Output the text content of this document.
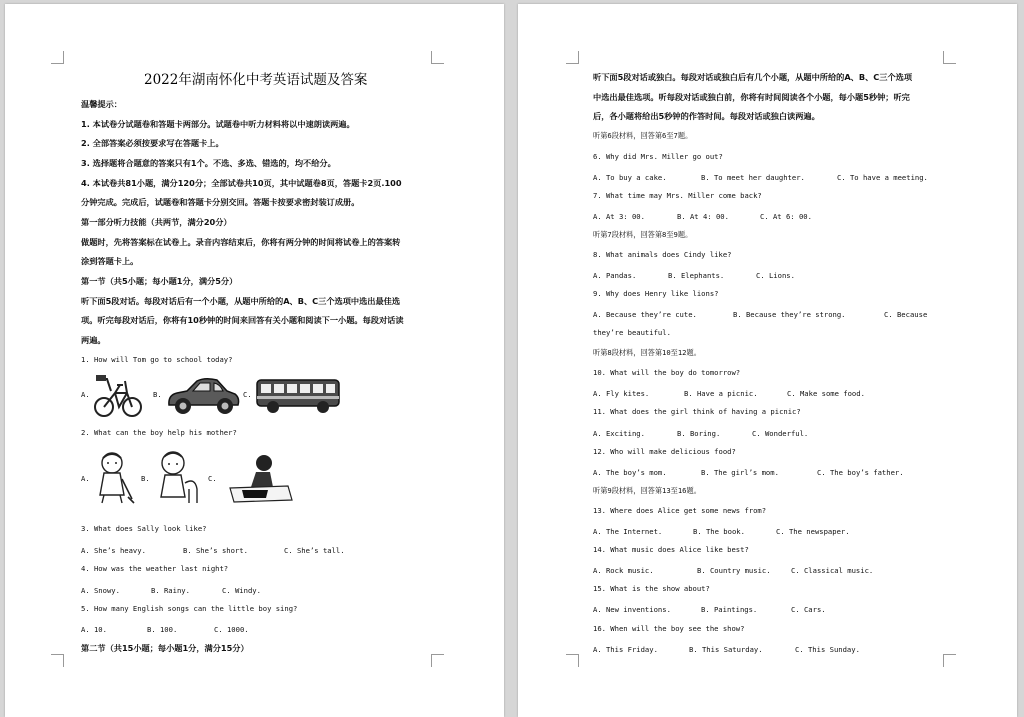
2022年湖南怀化中考英语试题及答案
温馨提示：
1. 本试卷分试题卷和答题卡两部分。试题卷中听力材料将以中速朗读两遍。
2. 全部答案必须按要求写在答题卡上。
3. 选择题将合题意的答案只有1个。不选、多选、错选的，均不给分。
4. 本试卷共81小题，满分120分；全部试卷共10页，其中试题卷8页，答题卡2页.100
分钟完成。完成后，试题卷和答题卡分别交回。答题卡按要求密封装订成册。
第一部分听力技能（共两节，满分20分）
做题时，先将答案标在试卷上。录音内容结束后，你将有两分钟的时间将试卷上的答案转
涂到答题卡上。
第一节（共5小题；每小题1分，满分5分）
听下面5段对话。每段对话后有一个小题，从题中所给的A、B、C三个选项中选出最佳选
项。听完每段对话后，你将有10秒钟的时间来回答有关小题和阅读下一小题。每段对话读
两遍。
1. How will Tom go to school today?
A.	B.	C.
2. What can the boy help his mother?
A.	B.	C.
3. What does Sally look like?
A. She’s heavy.	B. She’s short.	C. She’s tall.
4. How was the weather last night?
A. Snowy.	B. Rainy.	C. Windy.
5. How many English songs can the little boy sing?
A. 10.	B. 100.	C. 1000.
第二节（共15小题；每小题1分，满分15分）
听下面5段对话或独白。每段对话或独白后有几个小题，从题中所给的A、B、C三个选项
中选出最佳选项。听每段对话或独白前，你将有时间阅读各个小题，每小题5秒钟；听完
后，各小题将给出5秒钟的作答时间。每段对话或独白读两遍。
听第6段材料，回答第6至7题。
6. Why did Mrs. Miller go out?
A. To buy a cake.	B. To meet her daughter.	C. To have a meeting.
7. What time may Mrs. Miller come back?
A. At 3: 00.	B. At 4: 00.	C. At 6: 00.
听第7段材料，回答第8至9题。
8. What animals does Cindy like?
A. Pandas.	B. Elephants.	C. Lions.
9. Why does Henry like lions?
A. Because they’re cute.	B. Because they’re strong.	C. Because
they’re beautiful.
听第8段材料，回答第10至12题。
10. What will the boy do tomorrow?
A. Fly kites.	B. Have a picnic.	C. Make some food.
11. What does the girl think of having a picnic?
A. Exciting.	B. Boring.	C. Wonderful.
12. Who will make delicious food?
A. The boy’s mom.	B. The girl’s mom.	C. The boy’s father.
听第9段材料，回答第13至16题。
13. Where does Alice get some news from?
A. The Internet.	B. The book.	C. The newspaper.
14. What music does Alice like best?
A. Rock music.	B. Country music.	C. Classical music.
15. What is the show about?
A. New inventions.	B. Paintings.	C. Cars.
16. When will the boy see the show?
A. This Friday.	B. This Saturday.	C. This Sunday.
